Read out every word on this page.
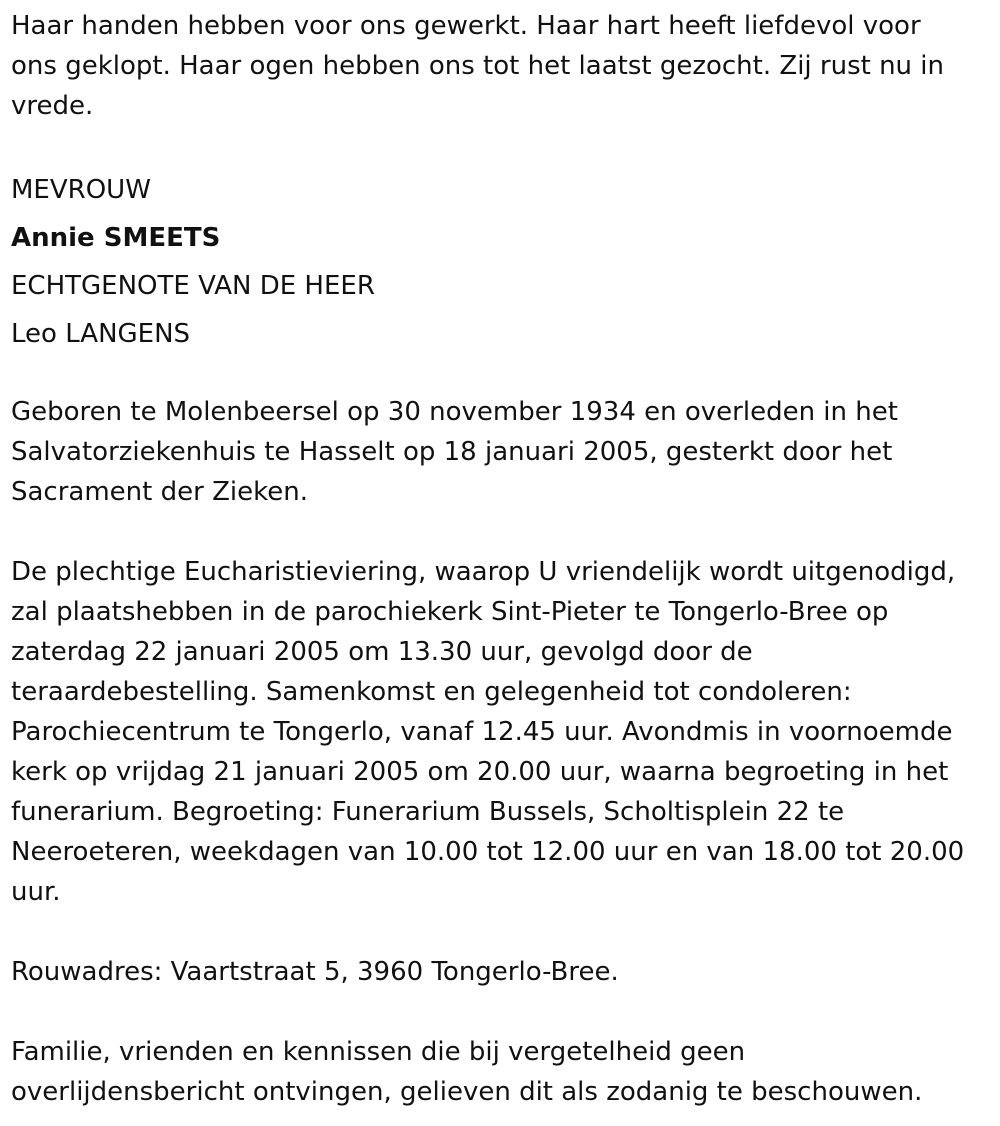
Haar handen hebben voor ons gewerkt. Haar hart heeft liefdevol voor
ons geklopt. Haar ogen hebben ons tot het laatst gezocht. Zij rust nu in
vrede.
MEVROUW
Annie SMEETS
ECHTGENOTE VAN DE HEER
Leo LANGENS
Geboren te Molenbeersel op 30 november 1934 en overleden in het
Salvatorziekenhuis te Hasselt op 18 januari 2005, gesterkt door het
Sacrament der Zieken.
De plechtige Eucharistieviering, waarop U vriendelijk wordt uitgenodigd,
zal plaatshebben in de parochiekerk Sint-Pieter te Tongerlo-Bree op
zaterdag 22 januari 2005 om 13.30 uur, gevolgd door de
teraardebestelling. Samenkomst en gelegenheid tot condoleren:
Parochiecentrum te Tongerlo, vanaf 12.45 uur. Avondmis in voornoemde
kerk op vrijdag 21 januari 2005 om 20.00 uur, waarna begroeting in het
funerarium. Begroeting: Funerarium Bussels, Scholtisplein 22 te
Neeroeteren, weekdagen van 10.00 tot 12.00 uur en van 18.00 tot 20.00
uur.
Rouwadres: Vaartstraat 5, 3960 Tongerlo-Bree.
Familie, vrienden en kennissen die bij vergetelheid geen
overlijdensbericht ontvingen, gelieven dit als zodanig te beschouwen.
